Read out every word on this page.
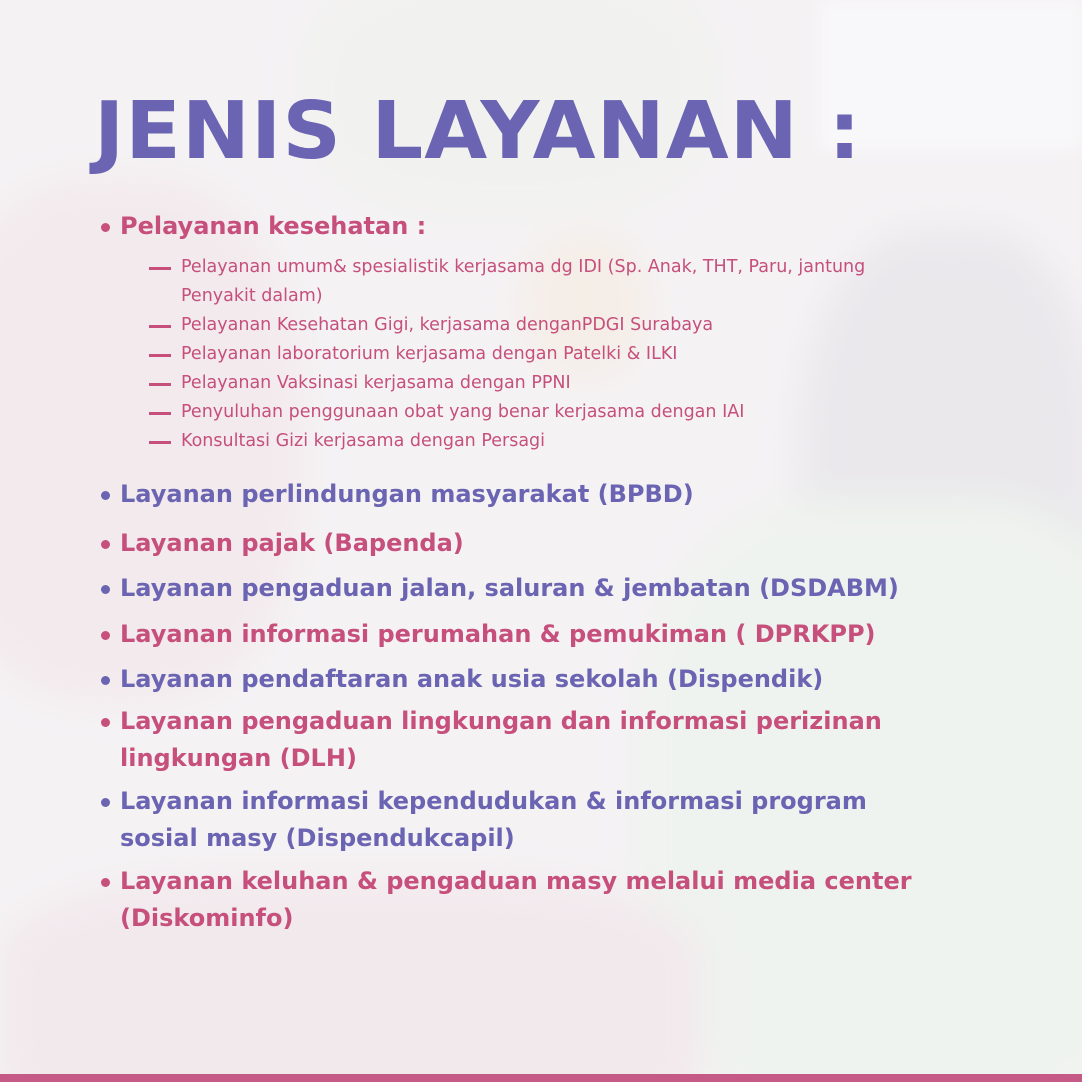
JENIS LAYANAN :
Pelayanan kesehatan :
Layanan perlindungan masyarakat (BPBD)
Layanan pajak (Bapenda)
Layanan pengaduan jalan, saluran & jembatan (DSDABM)
Layanan informasi perumahan & pemukiman ( DPRKPP)
Layanan pendaftaran anak usia sekolah (Dispendik)
Layanan pengaduan lingkungan dan informasi perizinan
lingkungan (DLH)
Layanan informasi kependudukan & informasi program
sosial masy (Dispendukcapil)
Layanan keluhan & pengaduan masy melalui media center
(Diskominfo)
Pelayanan umum& spesialistik kerjasama dg IDI (Sp. Anak, THT, Paru, jantung
Penyakit dalam)
Pelayanan Kesehatan Gigi, kerjasama denganPDGI Surabaya
Pelayanan laboratorium kerjasama dengan Patelki & ILKI
Pelayanan Vaksinasi kerjasama dengan PPNI
Penyuluhan penggunaan obat yang benar kerjasama dengan IAI
Konsultasi Gizi kerjasama dengan Persagi
